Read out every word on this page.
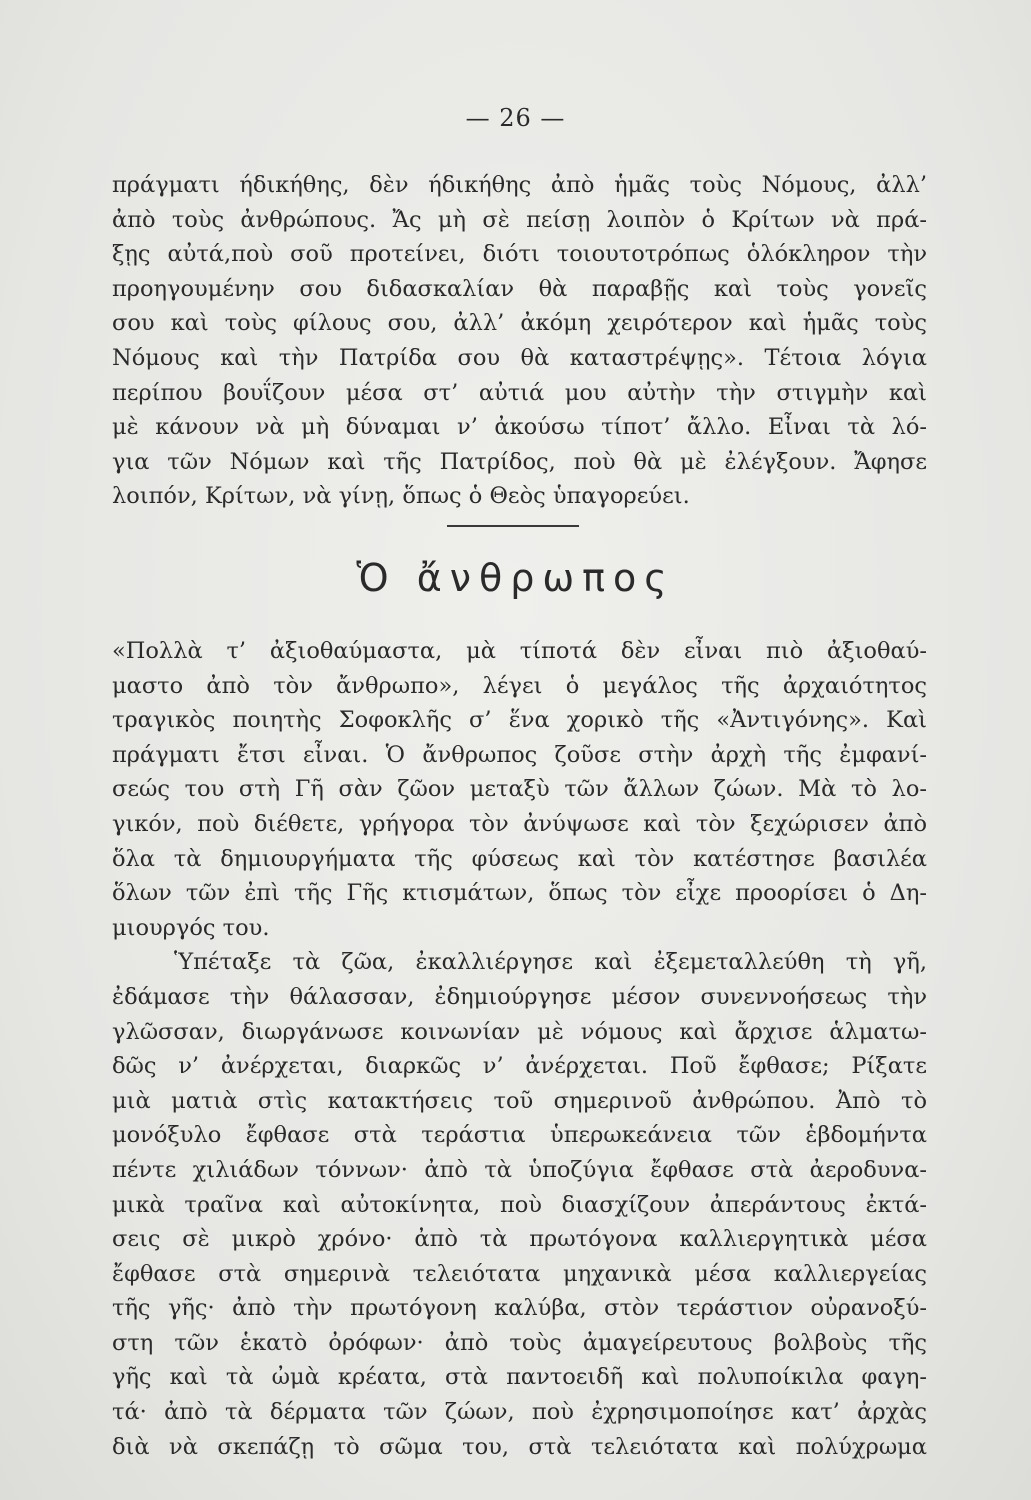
— 26 —
πράγματι ήδικήθης, δὲν ήδικήθης ἀπὸ ἡμᾶς τοὺς Νόμους, ἀλλ’
ἀπὸ τοὺς ἀνθρώπους. Ἄς μὴ σὲ πείσῃ λοιπὸν ὁ Κρίτων νὰ πρά-
ξῃς αὐτά,ποὺ σοῦ προτείνει, διότι τοιουτοτρόπως ὁλόκληρον τὴν
προηγουμένην σου διδασκαλίαν θὰ παραβῇς καὶ τοὺς γονεῖς
σου καὶ τοὺς φίλους σου, ἀλλ’ ἀκόμη χειρότερον καὶ ἡμᾶς τοὺς
Νόμους καὶ τὴν Πατρίδα σου θὰ καταστρέψῃς». Τέτοια λόγια
περίπου βουΐζουν μέσα στ’ αὐτιά μου αὐτὴν τὴν στιγμὴν καὶ
μὲ κάνουν νὰ μὴ δύναμαι ν’ ἀκούσω τίποτ’ ἄλλο. Εἶναι τὰ λό-
για τῶν Νόμων καὶ τῆς Πατρίδος, ποὺ θὰ μὲ ἐλέγξουν. Ἄφησε
λοιπόν, Κρίτων, νὰ γίνῃ, ὅπως ὁ Θεὸς ὑπαγορεύει.
Ὁ ἄνθρωπος
«Πολλὰ τ’ ἀξιοθαύμαστα, μὰ τίποτά δὲν εἶναι πιὸ ἀξιοθαύ-
μαστο ἀπὸ τὸν ἄνθρωπο», λέγει ὁ μεγάλος τῆς ἀρχαιότητος
τραγικὸς ποιητὴς Σοφοκλῆς σ’ ἕνα χορικὸ τῆς «Ἀντιγόνης». Καὶ
πράγματι ἔτσι εἶναι. Ὁ ἄνθρωπος ζοῦσε στὴν ἀρχὴ τῆς ἐμφανί-
σεώς του στὴ Γῆ σὰν ζῶον μεταξὺ τῶν ἄλλων ζώων. Μὰ τὸ λο-
γικόν, ποὺ διέθετε, γρήγορα τὸν ἀνύψωσε καὶ τὸν ξεχώρισεν ἀπὸ
ὅλα τὰ δημιουργήματα τῆς φύσεως καὶ τὸν κατέστησε βασιλέα
ὅλων τῶν ἐπὶ τῆς Γῆς κτισμάτων, ὅπως τὸν εἶχε προορίσει ὁ Δη-
μιουργός του.
Ὑπέταξε τὰ ζῶα, ἐκαλλιέργησε καὶ ἐξεμεταλλεύθη τὴ γῆ,
ἐδάμασε τὴν θάλασσαν, ἐδημιούργησε μέσον συνεννοήσεως τὴν
γλῶσσαν, διωργάνωσε κοινωνίαν μὲ νόμους καὶ ἄρχισε ἁλματω-
δῶς ν’ ἀνέρχεται, διαρκῶς ν’ ἀνέρχεται. Ποῦ ἔφθασε; Ρίξατε
μιὰ ματιὰ στὶς κατακτήσεις τοῦ σημερινοῦ ἀνθρώπου. Ἀπὸ τὸ
μονόξυλο ἔφθασε στὰ τεράστια ὑπερωκεάνεια τῶν ἑβδομήντα
πέντε χιλιάδων τόννων· ἀπὸ τὰ ὑποζύγια ἔφθασε στὰ ἀεροδυνα-
μικὰ τραῖνα καὶ αὐτοκίνητα, ποὺ διασχίζουν ἀπεράντους ἐκτά-
σεις σὲ μικρὸ χρόνο· ἀπὸ τὰ πρωτόγονα καλλιεργητικὰ μέσα
ἔφθασε στὰ σημερινὰ τελειότατα μηχανικὰ μέσα καλλιεργείας
τῆς γῆς· ἀπὸ τὴν πρωτόγονη καλύβα, στὸν τεράστιον οὐρανοξύ-
στη τῶν ἑκατὸ ὀρόφων· ἀπὸ τοὺς ἀμαγείρευτους βολβοὺς τῆς
γῆς καὶ τὰ ὠμὰ κρέατα, στὰ παντοειδῆ καὶ πολυποίκιλα φαγη-
τά· ἀπὸ τὰ δέρματα τῶν ζώων, ποὺ ἐχρησιμοποίησε κατ’ ἀρχὰς
διὰ νὰ σκεπάζῃ τὸ σῶμα του, στὰ τελειότατα καὶ πολύχρωμα
